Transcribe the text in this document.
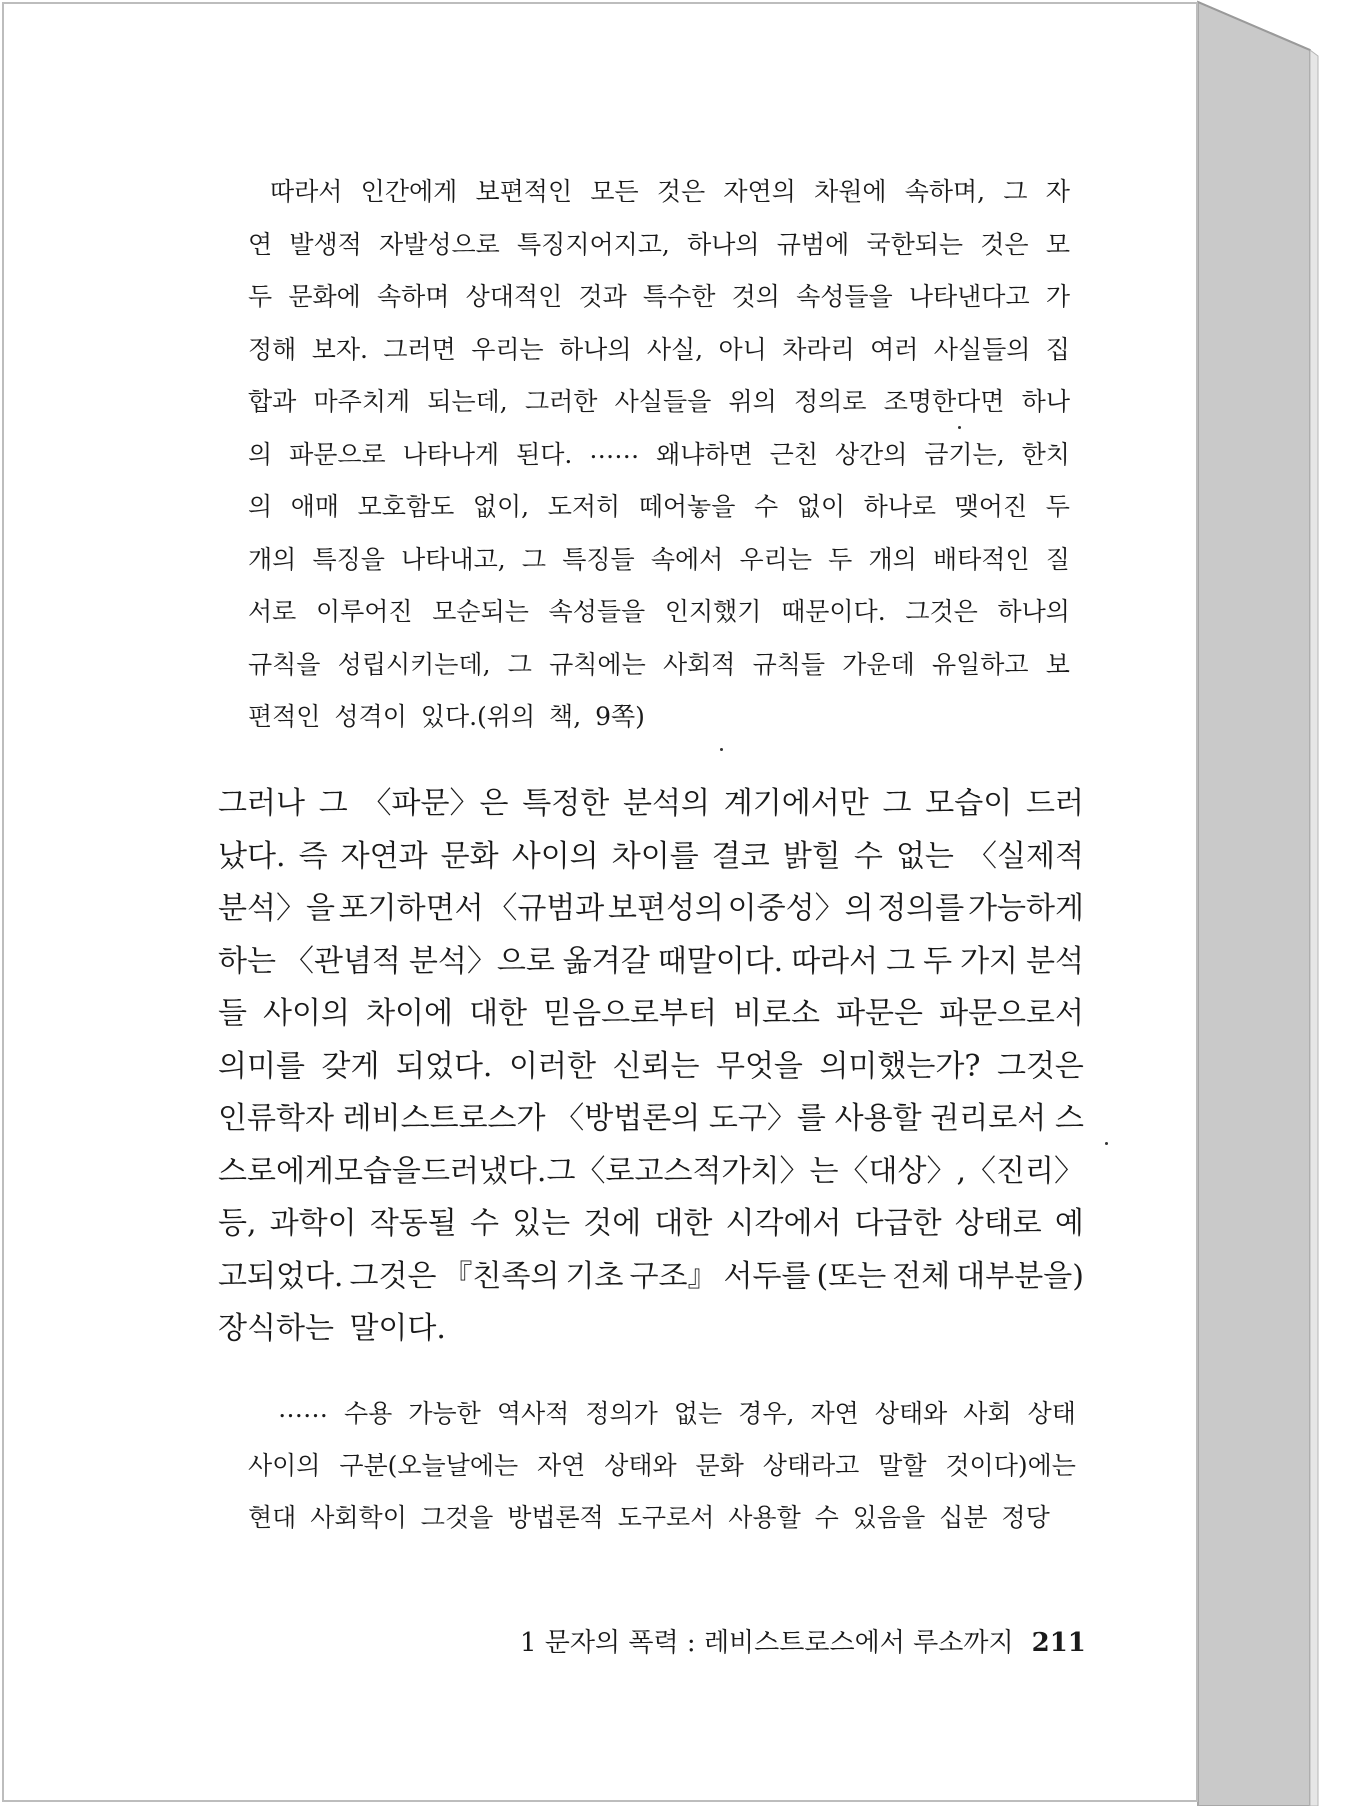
따라서 인간에게 보편적인 모든 것은 자연의 차원에 속하며, 그 자
연 발생적 자발성으로 특징지어지고, 하나의 규범에 국한되는 것은 모
두 문화에 속하며 상대적인 것과 특수한 것의 속성들을 나타낸다고 가
정해 보자. 그러면 우리는 하나의 사실, 아니 차라리 여러 사실들의 집
합과 마주치게 되는데, 그러한 사실들을 위의 정의로 조명한다면 하나
의 파문으로 나타나게 된다. …… 왜냐하면 근친 상간의 금기는, 한치
의 애매 모호함도 없이, 도저히 떼어놓을 수 없이 하나로 맺어진 두
개의 특징을 나타내고, 그 특징들 속에서 우리는 두 개의 배타적인 질
서로 이루어진 모순되는 속성들을 인지했기 때문이다. 그것은 하나의
규칙을 성립시키는데, 그 규칙에는 사회적 규칙들 가운데 유일하고 보
편적인 성격이 있다.(위의 책, 9쪽)
그러나 그 〈파문〉은 특정한 분석의 계기에서만 그 모습이 드러
났다. 즉 자연과 문화 사이의 차이를 결코 밝힐 수 없는 〈실제적
분석〉을 포기하면서 〈규범과 보편성의 이중성〉의 정의를 가능하게
하는 〈관념적 분석〉으로 옮겨갈 때말이다. 따라서 그 두 가지 분석
들 사이의 차이에 대한 믿음으로부터 비로소 파문은 파문으로서
의미를 갖게 되었다. 이러한 신뢰는 무엇을 의미했는가? 그것은
인류학자 레비스트로스가 〈방법론의 도구〉를 사용할 권리로서 스
스로에게 모습을 드러냈다. 그 〈로고스적 가치〉는 〈대상〉, 〈진리〉
등, 과학이 작동될 수 있는 것에 대한 시각에서 다급한 상태로 예
고되었다. 그것은 『친족의 기초 구조』 서두를 (또는 전체 대부분을)
장식하는 말이다.
…… 수용 가능한 역사적 정의가 없는 경우, 자연 상태와 사회 상태
사이의 구분(오늘날에는 자연 상태와 문화 상태라고 말할 것이다)에는
현대 사회학이 그것을 방법론적 도구로서 사용할 수 있음을 십분 정당
1 문자의 폭력 : 레비스트로스에서 루소까지 211
